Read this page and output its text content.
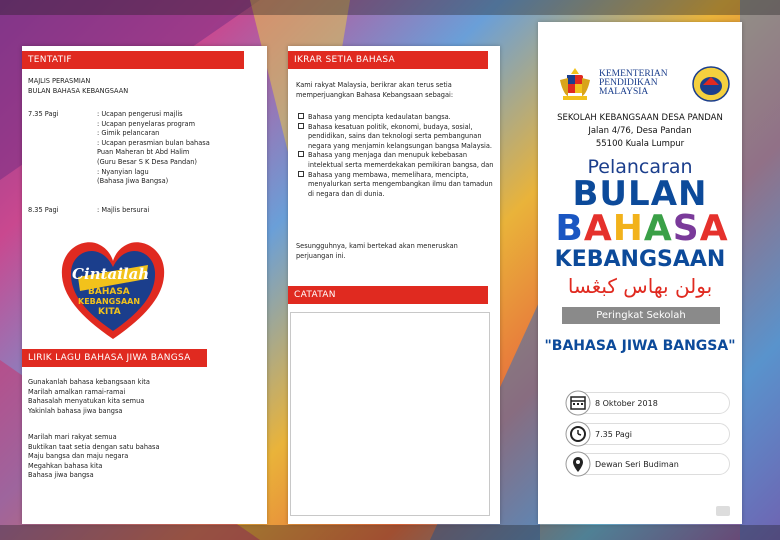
TENTATIF
MAJLIS PERASMIAN
BULAN BAHASA KEBANGSAAN
7.35 Pagi	: Ucapan pengerusi majlis
: Ucapan penyelaras program
: Gimik pelancaran
: Ucapan perasmian bulan bahasa
Puan Maheran bt Abd Halim
(Guru Besar S K Desa Pandan)
: Nyanyian lagu
(Bahasa Jiwa Bangsa)
8.35 Pagi	: Majlis bersurai
Cintailah
BAHASA
KEBANGSAAN
KITA
LIRIK LAGU BAHASA JIWA BANGSA
Gunakanlah bahasa kebangsaan kita
Marilah amalkan ramai-ramai
Bahasalah menyatukan kita semua
Yakinlah bahasa jiwa bangsa
Marilah mari rakyat semua
Buktikan taat setia dengan satu bahasa
Maju bangsa dan maju negara
Megahkan bahasa kita
Bahasa jiwa bangsa
IKRAR SETIA BAHASA
Kami rakyat Malaysia, berikrar akan terus setia memperjuangkan Bahasa Kebangsaan sebagai:
Bahasa yang mencipta kedaulatan bangsa.
Bahasa kesatuan politik, ekonomi, budaya, sosial, pendidikan, sains dan teknologi serta pembangunan negara yang menjamin kelangsungan bangsa Malaysia.
Bahasa yang menjaga dan menupuk kebebasan intelektual serta memerdekakan pemikiran bangsa, dan
Bahasa yang membawa, memelihara, mencipta, menyalurkan serta mengembangkan ilmu dan tamadun di negara dan di dunia.
Sesungguhnya, kami bertekad akan meneruskan perjuangan ini.
CATATAN
KEMENTERIAN
PENDIDIKAN
MALAYSIA
SEKOLAH KEBANGSAAN DESA PANDAN
Jalan 4/76, Desa Pandan
55100 Kuala Lumpur
Pelancaran
BULAN
BAHASA
KEBANGSAAN
بولن بهاس كبڠسا
Peringkat Sekolah
"BAHASA JIWA BANGSA"
8 Oktober 2018
7.35 Pagi
Dewan Seri Budiman
